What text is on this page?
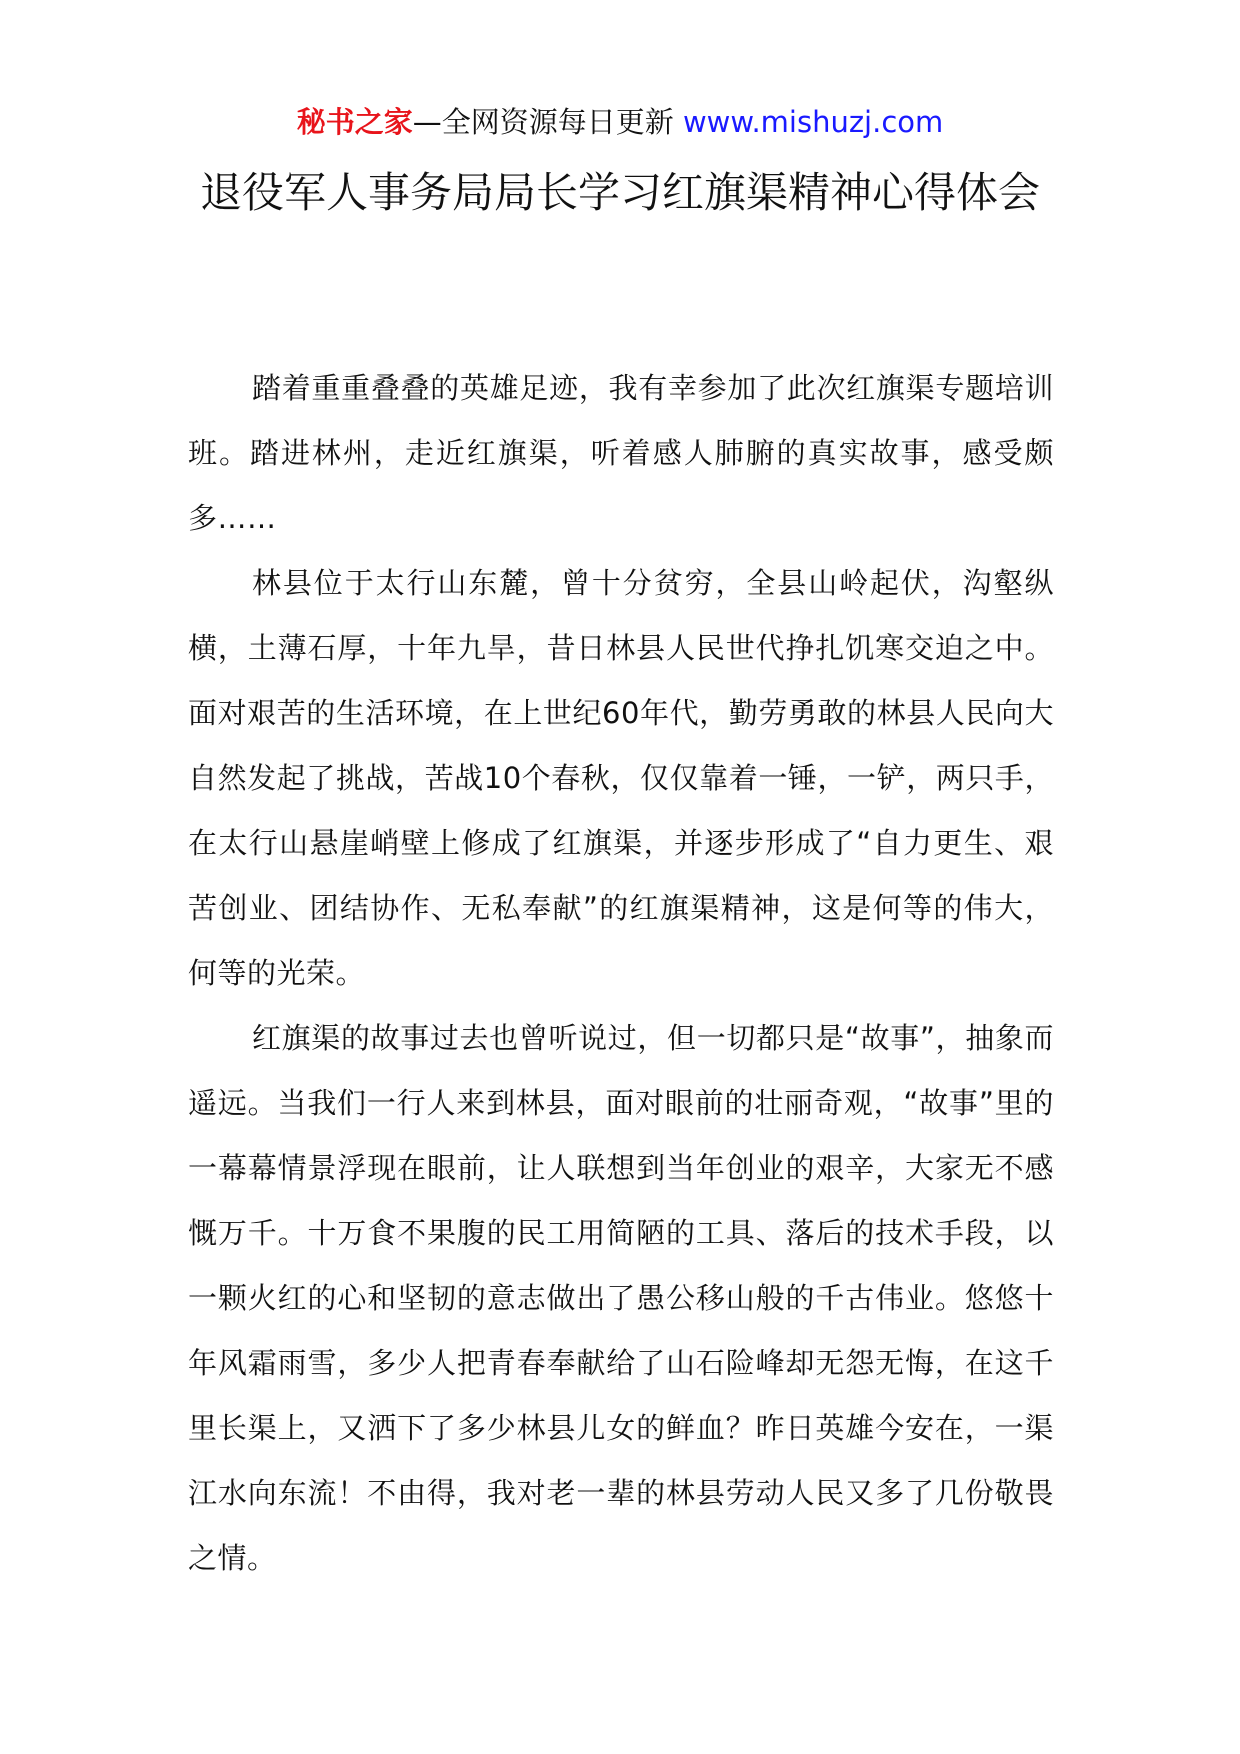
秘书之家—全网资源每日更新 www.mishuzj.com
退役军人事务局局长学习红旗渠精神心得体会

踏着重重叠叠的英雄足迹，我有幸参加了此次红旗渠专题培训班。踏进林州，走近红旗渠，听着感人肺腑的真实故事，感受颇多……

林县位于太行山东麓，曾十分贫穷，全县山岭起伏，沟壑纵横，土薄石厚，十年九旱，昔日林县人民世代挣扎饥寒交迫之中。面对艰苦的生活环境，在上世纪60年代，勤劳勇敢的林县人民向大自然发起了挑战，苦战10个春秋，仅仅靠着一锤，一铲，两只手，在太行山悬崖峭壁上修成了红旗渠，并逐步形成了“自力更生、艰苦创业、团结协作、无私奉献”的红旗渠精神，这是何等的伟大，何等的光荣。

红旗渠的故事过去也曾听说过，但一切都只是“故事”，抽象而遥远。当我们一行人来到林县，面对眼前的壮丽奇观，“故事”里的一幕幕情景浮现在眼前，让人联想到当年创业的艰辛，大家无不感慨万千。十万食不果腹的民工用简陋的工具、落后的技术手段，以一颗火红的心和坚韧的意志做出了愚公移山般的千古伟业。悠悠十年风霜雨雪，多少人把青春奉献给了山石险峰却无怨无悔，在这千里长渠上，又洒下了多少林县儿女的鲜血？昨日英雄今安在，一渠江水向东流！不由得，我对老一辈的林县劳动人民又多了几份敬畏之情。
